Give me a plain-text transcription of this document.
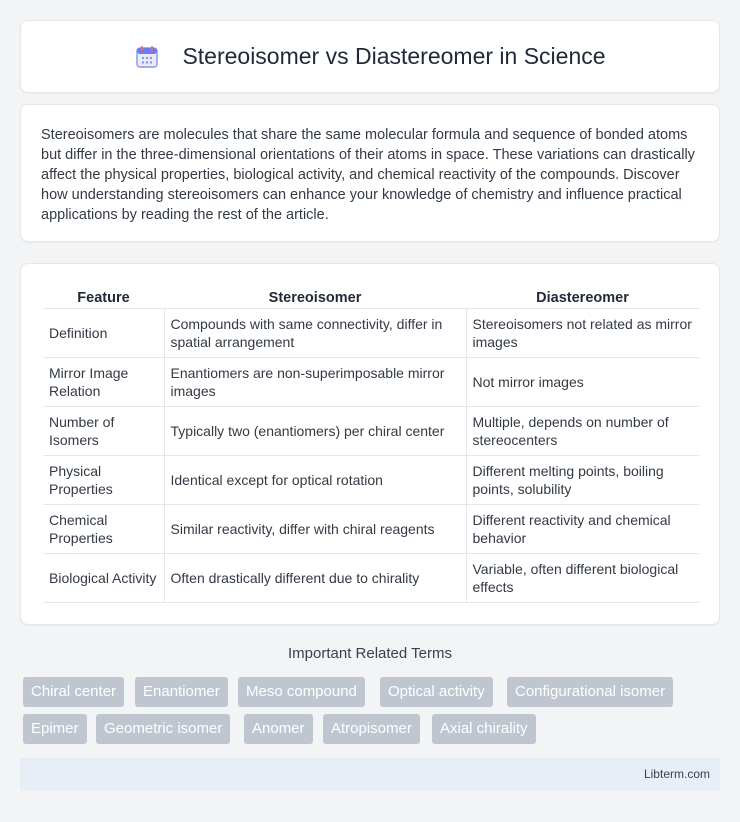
Stereoisomer vs Diastereomer in Science

Stereoisomers are molecules that share the same molecular formula and sequence of bonded atoms but differ in the three-dimensional orientations of their atoms in space. These variations can drastically affect the physical properties, biological activity, and chemical reactivity of the compounds. Discover how understanding stereoisomers can enhance your knowledge of chemistry and influence practical applications by reading the rest of the article.

Feature	Stereoisomer	Diastereomer
Definition	Compounds with same connectivity, differ in spatial arrangement	Stereoisomers not related as mirror images
Mirror Image Relation	Enantiomers are non-superimposable mirror images	Not mirror images
Number of Isomers	Typically two (enantiomers) per chiral center	Multiple, depends on number of stereocenters
Physical Properties	Identical except for optical rotation	Different melting points, boiling points, solubility
Chemical Properties	Similar reactivity, differ with chiral reagents	Different reactivity and chemical behavior
Biological Activity	Often drastically different due to chirality	Variable, often different biological effects
Important Related Terms
Chiral center	Enantiomer	Meso compound	Optical activity	Configurational isomer
Epimer	Geometric isomer	Anomer	Atropisomer	Axial chirality
Libterm.com
